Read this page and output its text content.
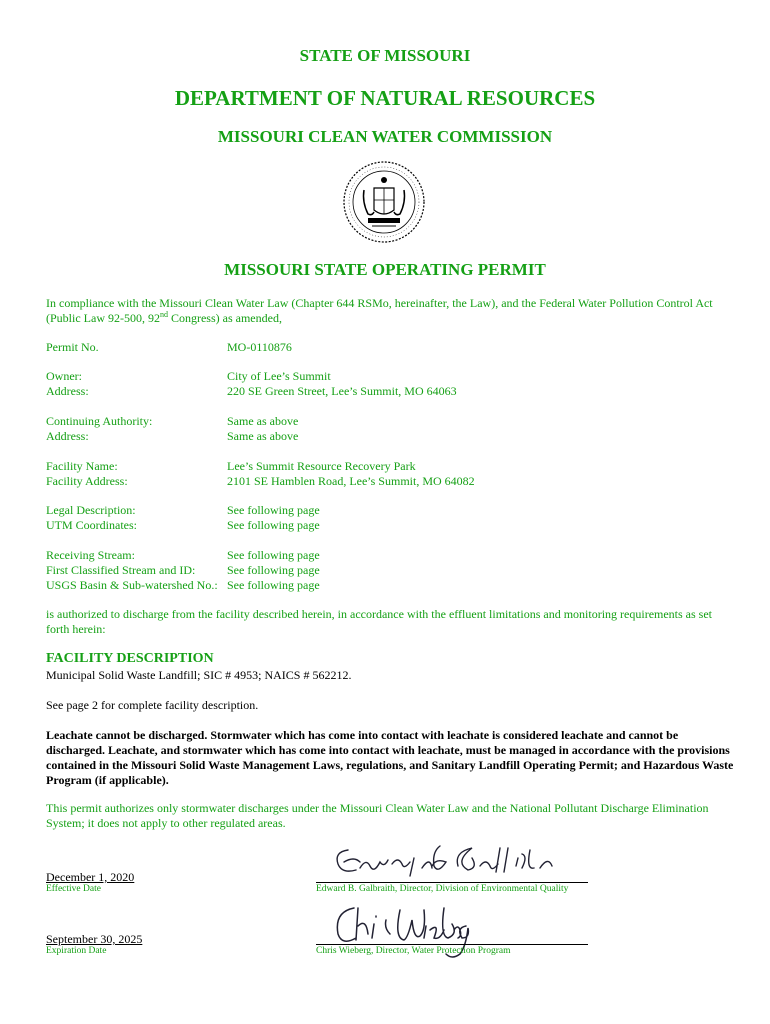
STATE OF MISSOURI
DEPARTMENT OF NATURAL RESOURCES
MISSOURI CLEAN WATER COMMISSION
MISSOURI STATE OPERATING PERMIT
In compliance with the Missouri Clean Water Law (Chapter 644 RSMo, hereinafter, the Law), and the Federal Water Pollution Control Act (Public Law 92-500, 92nd Congress) as amended,
Permit No.	MO-0110876
Owner:	City of Lee’s Summit
Address:	220 SE Green Street, Lee’s Summit, MO 64063
Continuing Authority:	Same as above
Address:	Same as above
Facility Name:	Lee’s Summit Resource Recovery Park
Facility Address:	2101 SE Hamblen Road, Lee’s Summit, MO 64082
Legal Description:	See following page
UTM Coordinates:	See following page
Receiving Stream:	See following page
First Classified Stream and ID:	See following page
USGS Basin & Sub-watershed No.: See following page
is authorized to discharge from the facility described herein, in accordance with the effluent limitations and monitoring requirements as set forth herein:
FACILITY DESCRIPTION
Municipal Solid Waste Landfill; SIC # 4953; NAICS # 562212.
See page 2 for complete facility description.
Leachate cannot be discharged. Stormwater which has come into contact with leachate is considered leachate and cannot be discharged. Leachate, and stormwater which has come into contact with leachate, must be managed in accordance with the provisions contained in the Missouri Solid Waste Management Laws, regulations, and Sanitary Landfill Operating Permit; and Hazardous Waste Program (if applicable).
This permit authorizes only stormwater discharges under the Missouri Clean Water Law and the National Pollutant Discharge Elimination System; it does not apply to other regulated areas.
December 1, 2020
Effective Date	Edward B. Galbraith, Director, Division of Environmental Quality
September 30, 2025
Expiration Date	Chris Wieberg, Director, Water Protection Program
